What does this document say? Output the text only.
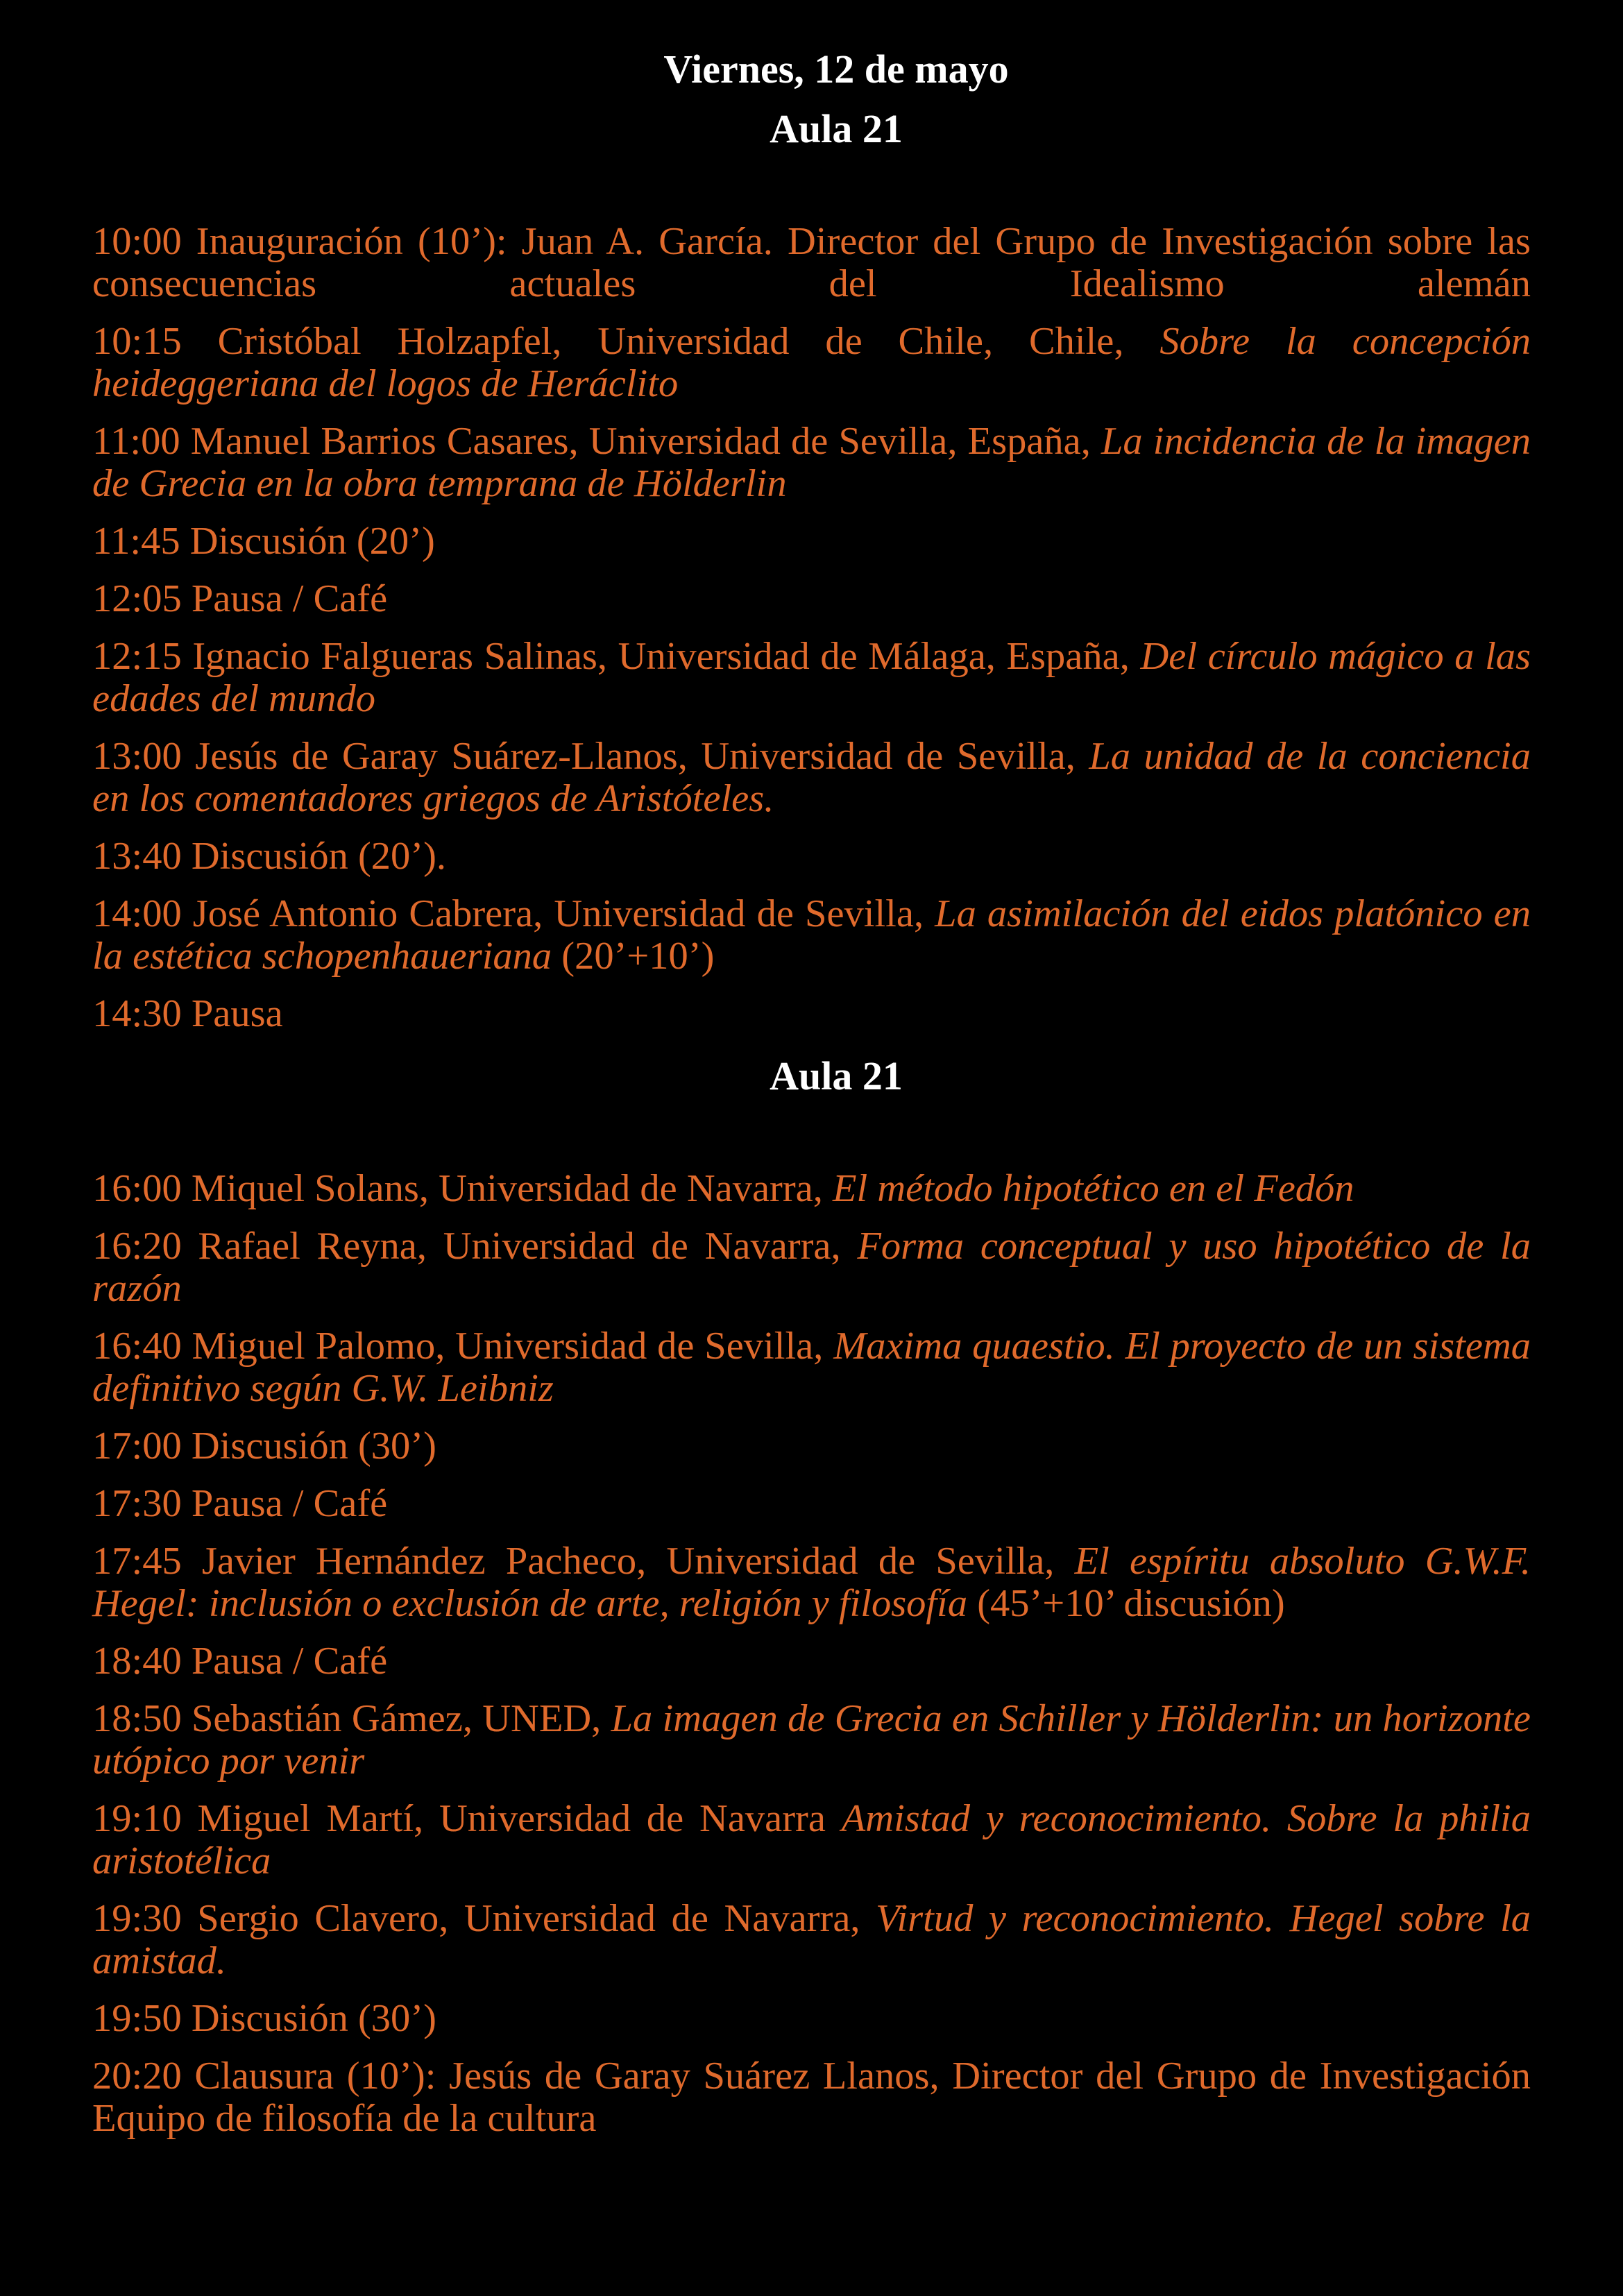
Viernes, 12 de mayo
Aula 21

10:00 Inauguración (10’): Juan A. García. Director del Grupo de Investigación sobre las consecuencias actuales del Idealismo alemán

10:15 Cristóbal Holzapfel, Universidad de Chile, Chile, Sobre la concepción heideggeriana del logos de Heráclito

11:00 Manuel Barrios Casares, Universidad de Sevilla, España, La incidencia de la imagen de Grecia en la obra temprana de Hölderlin

11:45 Discusión (20’)

12:05 Pausa / Café

12:15 Ignacio Falgueras Salinas, Universidad de Málaga, España, Del círculo mágico a las edades del mundo

13:00 Jesús de Garay Suárez-Llanos, Universidad de Sevilla, La unidad de la conciencia en los comentadores griegos de Aristóteles.

13:40 Discusión (20’).

14:00 José Antonio Cabrera, Universidad de Sevilla, La asimilación del eidos platónico en la estética schopenhaueriana (20’+10’)

14:30 Pausa

Aula 21

16:00 Miquel Solans, Universidad de Navarra, El método hipotético en el Fedón

16:20 Rafael Reyna, Universidad de Navarra, Forma conceptual y uso hipotético de la razón

16:40 Miguel Palomo, Universidad de Sevilla, Maxima quaestio. El proyecto de un sistema definitivo según G.W. Leibniz

17:00 Discusión (30’)

17:30 Pausa / Café

17:45 Javier Hernández Pacheco, Universidad de Sevilla, El espíritu absoluto G.W.F. Hegel: inclusión o exclusión de arte, religión y filosofía (45’+10’ discusión)

18:40 Pausa / Café

18:50 Sebastián Gámez, UNED, La imagen de Grecia en Schiller y Hölderlin: un horizonte utópico por venir

19:10 Miguel Martí, Universidad de Navarra Amistad y reconocimiento. Sobre la philia aristotélica

19:30 Sergio Clavero, Universidad de Navarra, Virtud y reconocimiento. Hegel sobre la amistad.

19:50 Discusión (30’)

20:20 Clausura (10’): Jesús de Garay Suárez Llanos, Director del Grupo de Investigación Equipo de filosofía de la cultura
